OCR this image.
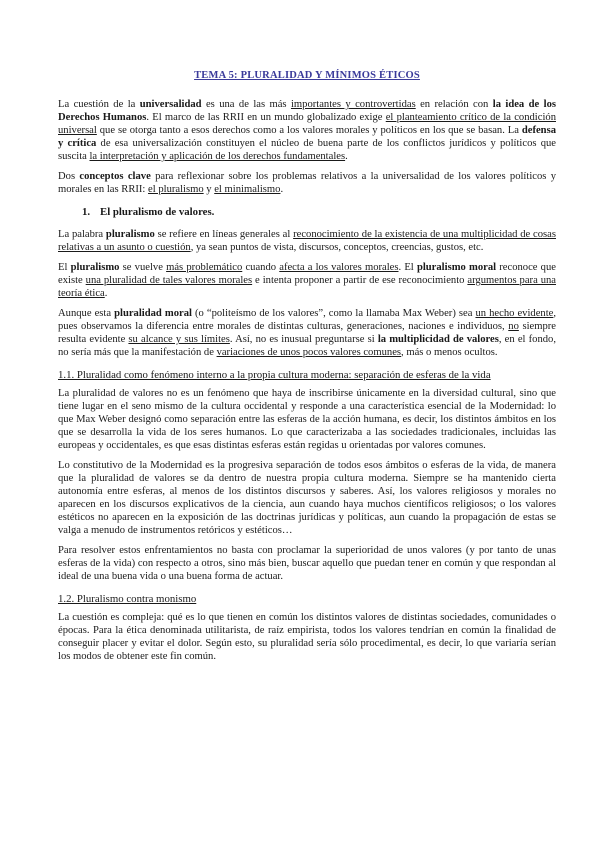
TEMA 5: PLURALIDAD Y MÍNIMOS ÉTICOS

La cuestión de la universalidad es una de las más importantes y controvertidas en relación con la idea de los Derechos Humanos. El marco de las RRII en un mundo globalizado exige el planteamiento crítico de la condición universal que se otorga tanto a esos derechos como a los valores morales y políticos en los que se basan. La defensa y crítica de esa universalización constituyen el núcleo de buena parte de los conflictos jurídicos y políticos que suscita la interpretación y aplicación de los derechos fundamentales.

Dos conceptos clave para reflexionar sobre los problemas relativos a la universalidad de los valores políticos y morales en las RRII: el pluralismo y el minimalismo.

1. El pluralismo de valores.

La palabra pluralismo se refiere en líneas generales al reconocimiento de la existencia de una multiplicidad de cosas relativas a un asunto o cuestión, ya sean puntos de vista, discursos, conceptos, creencias, gustos, etc.

El pluralismo se vuelve más problemático cuando afecta a los valores morales. El pluralismo moral reconoce que existe una pluralidad de tales valores morales e intenta proponer a partir de ese reconocimiento argumentos para una teoría ética.

Aunque esta pluralidad moral (o “politeísmo de los valores”, como la llamaba Max Weber) sea un hecho evidente, pues observamos la diferencia entre morales de distintas culturas, generaciones, naciones e individuos, no siempre resulta evidente su alcance y sus límites. Así, no es inusual preguntarse si la multiplicidad de valores, en el fondo, no sería más que la manifestación de variaciones de unos pocos valores comunes, más o menos ocultos.

1.1. Pluralidad como fenómeno interno a la propia cultura moderna: separación de esferas de la vida

La pluralidad de valores no es un fenómeno que haya de inscribirse únicamente en la diversidad cultural, sino que tiene lugar en el seno mismo de la cultura occidental y responde a una característica esencial de la Modernidad: lo que Max Weber designó como separación entre las esferas de la acción humana, es decir, los distintos ámbitos en los que se desarrolla la vida de los seres humanos. Lo que caracterizaba a las sociedades tradicionales, incluidas las europeas y occidentales, es que esas distintas esferas están regidas u orientadas por valores comunes.

Lo constitutivo de la Modernidad es la progresiva separación de todos esos ámbitos o esferas de la vida, de manera que la pluralidad de valores se da dentro de nuestra propia cultura moderna. Siempre se ha mantenido cierta autonomía entre esferas, al menos de los distintos discursos y saberes. Así, los valores religiosos y morales no aparecen en los discursos explicativos de la ciencia, aun cuando haya muchos científicos religiosos; o los valores estéticos no aparecen en la exposición de las doctrinas jurídicas y políticas, aun cuando la propagación de estas se valga a menudo de instrumentos retóricos y estéticos…

Para resolver estos enfrentamientos no basta con proclamar la superioridad de unos valores (y por tanto de unas esferas de la vida) con respecto a otros, sino más bien, buscar aquello que puedan tener en común y que respondan al ideal de una buena vida o una buena forma de actuar.

1.2. Pluralismo contra monismo

La cuestión es compleja: qué es lo que tienen en común los distintos valores de distintas sociedades, comunidades o épocas. Para la ética denominada utilitarista, de raíz empirista, todos los valores tendrían en común la finalidad de conseguir placer y evitar el dolor. Según esto, su pluralidad sería sólo procedimental, es decir, lo que variaría serían los modos de obtener este fin común.
